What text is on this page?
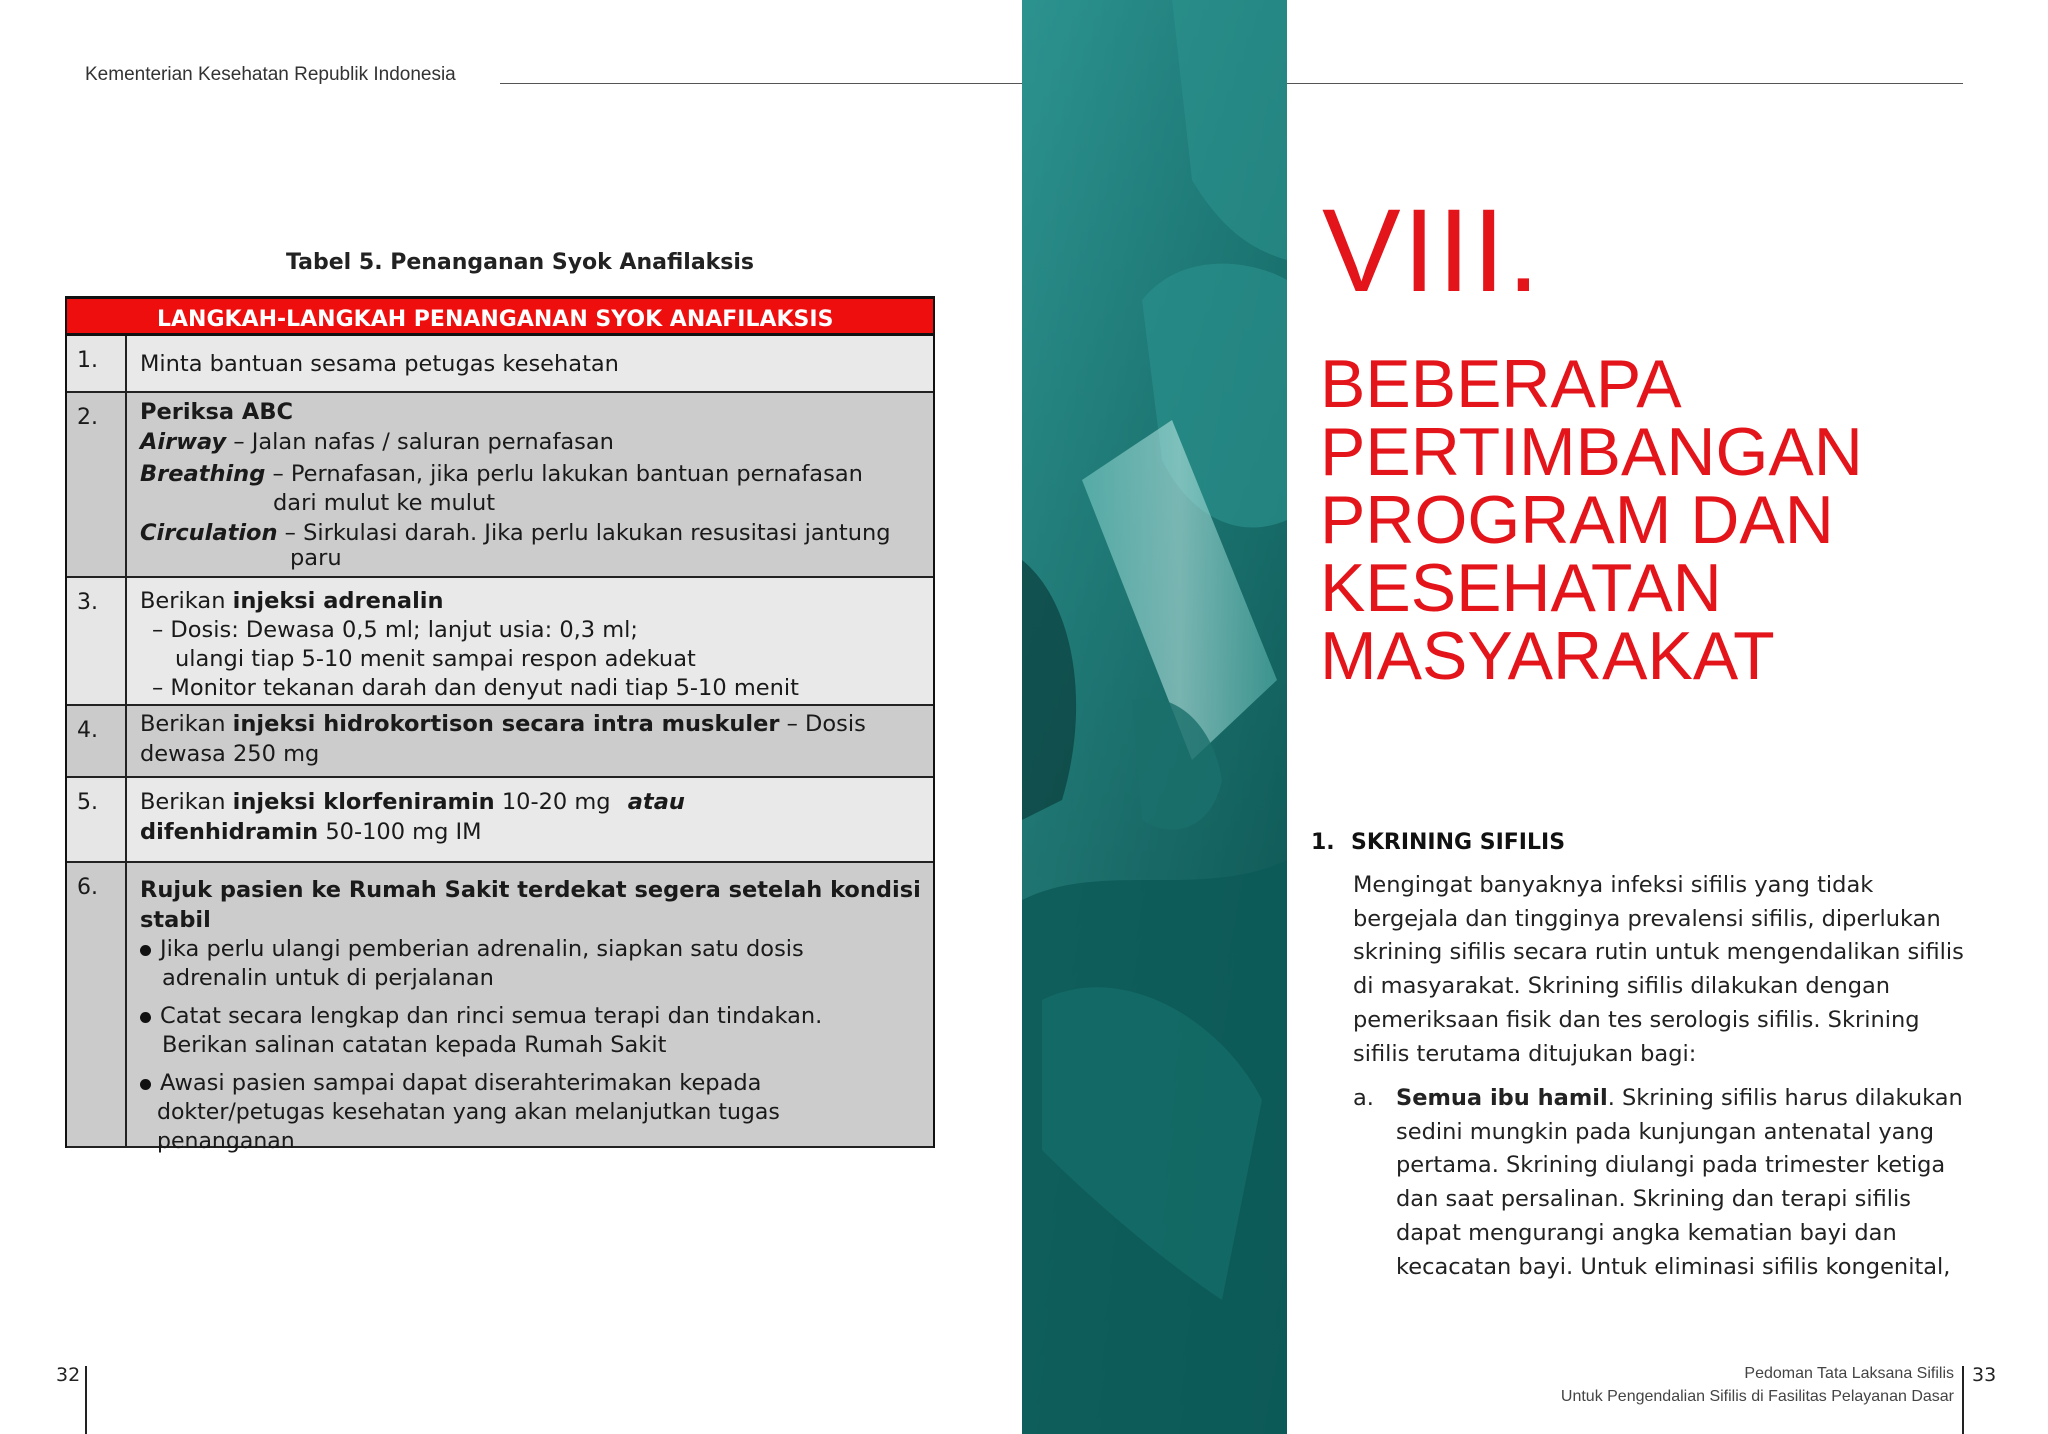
Kementerian Kesehatan Republik Indonesia
Tabel 5. Penanganan Syok Anafilaksis
LANGKAH-LANGKAH PENANGANAN SYOK ANAFILAKSIS
1.	Minta bantuan sesama petugas kesehatan
2.	Periksa ABC
Airway – Jalan nafas / saluran pernafasan
Breathing – Pernafasan, jika perlu lakukan bantuan pernafasan
dari mulut ke mulut
Circulation – Sirkulasi darah. Jika perlu lakukan resusitasi jantung
paru
3.	Berikan injeksi adrenalin
– Dosis: Dewasa 0,5 ml; lanjut usia: 0,3 ml;
ulangi tiap 5-10 menit sampai respon adekuat
– Monitor tekanan darah dan denyut nadi tiap 5-10 menit
4.	Berikan injeksi hidrokortison secara intra muskuler – Dosis
dewasa 250 mg
5.	Berikan injeksi klorfeniramin 10-20 mg atau
difenhidramin 50-100 mg IM
6.	Rujuk pasien ke Rumah Sakit terdekat segera setelah kondisi
stabil
Jika perlu ulangi pemberian adrenalin, siapkan satu dosis
adrenalin untuk di perjalanan
Catat secara lengkap dan rinci semua terapi dan tindakan.
Berikan salinan catatan kepada Rumah Sakit
Awasi pasien sampai dapat diserahterimakan kepada
dokter/petugas kesehatan yang akan melanjutkan tugas penanganan
VIII.
BEBERAPA
PERTIMBANGAN
PROGRAM DAN
KESEHATAN
MASYARAKAT
1. SKRINING SIFILIS
Mengingat banyaknya infeksi sifilis yang tidak bergejala dan tingginya prevalensi sifilis, diperlukan skrining sifilis secara rutin untuk mengendalikan sifilis di masyarakat. Skrining sifilis dilakukan dengan pemeriksaan fisik dan tes serologis sifilis. Skrining sifilis terutama ditujukan bagi:
a. Semua ibu hamil. Skrining sifilis harus dilakukan sedini mungkin pada kunjungan antenatal yang pertama. Skrining diulangi pada trimester ketiga dan saat persalinan. Skrining dan terapi sifilis dapat mengurangi angka kematian bayi dan kecacatan bayi. Untuk eliminasi sifilis kongenital,
32	Pedoman Tata Laksana Sifilis
Untuk Pengendalian Sifilis di Fasilitas Pelayanan Dasar
33
